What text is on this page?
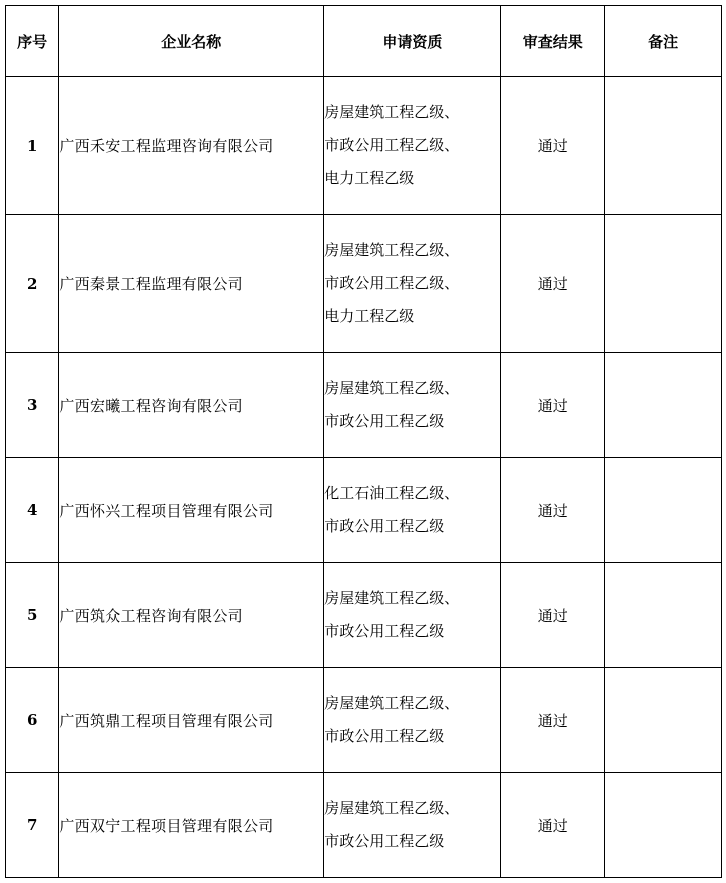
序号	企业名称	申请资质	审查结果	备注
1	广西禾安工程监理咨询有限公司	房屋建筑工程乙级、
市政公用工程乙级、
电力工程乙级	通过	
2	广西秦景工程监理有限公司	房屋建筑工程乙级、
市政公用工程乙级、
电力工程乙级	通过	
3	广西宏曦工程咨询有限公司	房屋建筑工程乙级、
市政公用工程乙级	通过	
4	广西怀兴工程项目管理有限公司	化工石油工程乙级、
市政公用工程乙级	通过	
5	广西筑众工程咨询有限公司	房屋建筑工程乙级、
市政公用工程乙级	通过	
6	广西筑鼎工程项目管理有限公司	房屋建筑工程乙级、
市政公用工程乙级	通过	
7	广西双宁工程项目管理有限公司	房屋建筑工程乙级、
市政公用工程乙级	通过	
